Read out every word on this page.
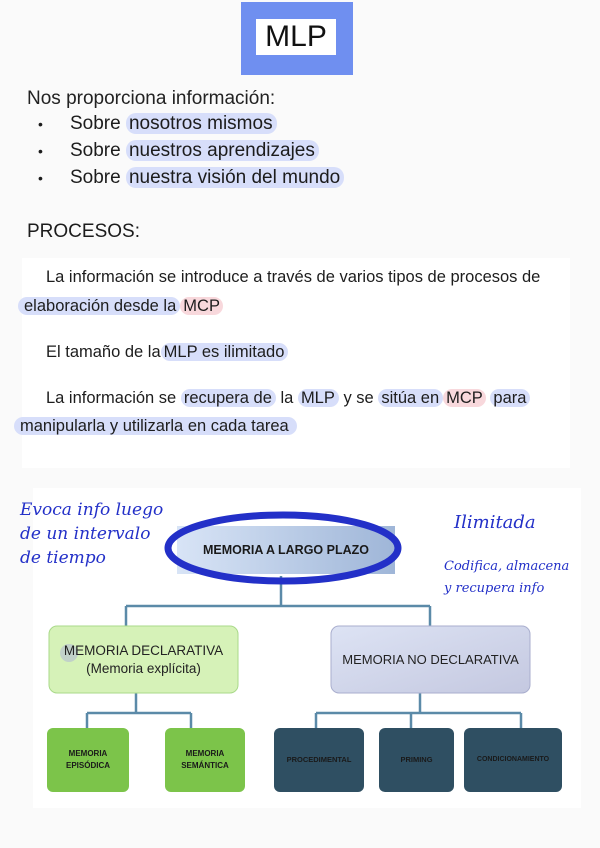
MLP
Nos proporciona información:
• Sobre nosotros mismos
• Sobre nuestros aprendizajes
• Sobre nuestra visión del mundo
PROCESOS:
La información se introduce a través de varios tipos de procesos de
elaboración desde la MCP
El tamaño de la MLP es ilimitado
La información se recupera de la MLP y se sitúa en MCP para
manipularla y utilizarla en cada tarea
MEMORIA A LARGO PLAZO
MEMORIA DECLARATIVA
(Memoria explícita)
MEMORIA NO DECLARATIVA
MEMORIA
EPISÓDICA
MEMORIA
SEMÁNTICA
PROCEDIMENTAL	PRIMING	CONDICIONAMIENTO
Evoca info luego
de un intervalo
de tiempo
Ilimitada
Codifica, almacena
y recupera info
